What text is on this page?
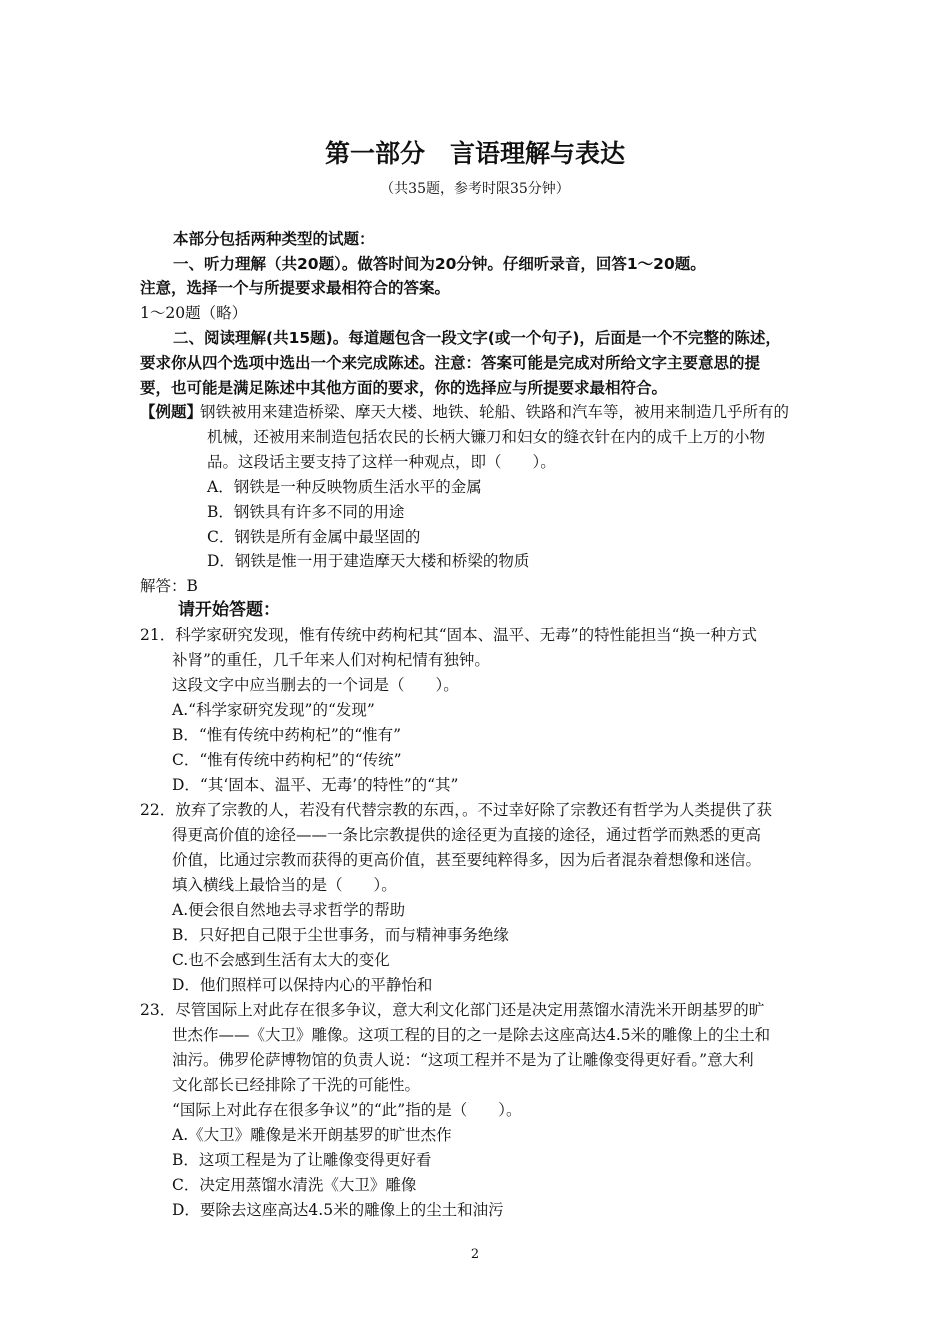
第一部分　言语理解与表达
（共35题，参考时限35分钟）
本部分包括两种类型的试题：
一、听力理解（共20题）。做答时间为20分钟。仔细听录音，回答1～20题。
注意，选择一个与所提要求最相符合的答案。
1～20题（略）
二、阅读理解(共15题)。每道题包含一段文字(或一个句子)，后面是一个不完整的陈述，
要求你从四个选项中选出一个来完成陈述。注意：答案可能是完成对所给文字主要意思的提
要，也可能是满足陈述中其他方面的要求，你的选择应与所提要求最相符合。
【例题】
钢铁被用来建造桥梁、摩天大楼、地铁、轮船、铁路和汽车等，被用来制造几乎所有的
机械，还被用来制造包括农民的长柄大镰刀和妇女的缝衣针在内的成千上万的小物
品。这段话主要支持了这样一种观点，即（　　）。
A．钢铁是一种反映物质生活水平的金属
B．钢铁具有许多不同的用途
C．钢铁是所有金属中最坚固的
D．钢铁是惟一用于建造摩天大楼和桥梁的物质
解答：B
请开始答题：
21．科学家研究发现，惟有传统中药枸杞其“固本、温平、无毒”的特性能担当“换一种方式
补肾”的重任，几千年来人们对枸杞情有独钟。
这段文字中应当删去的一个词是（　　）。
A.“科学家研究发现”的“发现”
B．“惟有传统中药枸杞”的“惟有”
C．“惟有传统中药枸杞”的“传统”
D．“其‘固本、温平、无毒’的特性”的“其”
22．放弃了宗教的人，若没有代替宗教的东西，。不过幸好除了宗教还有哲学为人类提供了获
得更高价值的途径——一条比宗教提供的途径更为直接的途径，通过哲学而熟悉的更高
价值，比通过宗教而获得的更高价值，甚至要纯粹得多，因为后者混杂着想像和迷信。
填入横线上最恰当的是（　　）。
A.便会很自然地去寻求哲学的帮助
B．只好把自己限于尘世事务，而与精神事务绝缘
C.也不会感到生活有太大的变化
D．他们照样可以保持内心的平静怡和
23．尽管国际上对此存在很多争议，意大利文化部门还是决定用蒸馏水清洗米开朗基罗的旷
世杰作——《大卫》雕像。这项工程的目的之一是除去这座高达4.5米的雕像上的尘土和
油污。佛罗伦萨博物馆的负责人说：“这项工程并不是为了让雕像变得更好看。”意大利
文化部长已经排除了干洗的可能性。
“国际上对此存在很多争议”的“此”指的是（　　）。
A.《大卫》雕像是米开朗基罗的旷世杰作
B．这项工程是为了让雕像变得更好看
C．决定用蒸馏水清洗《大卫》雕像
D．要除去这座高达4.5米的雕像上的尘土和油污
2
